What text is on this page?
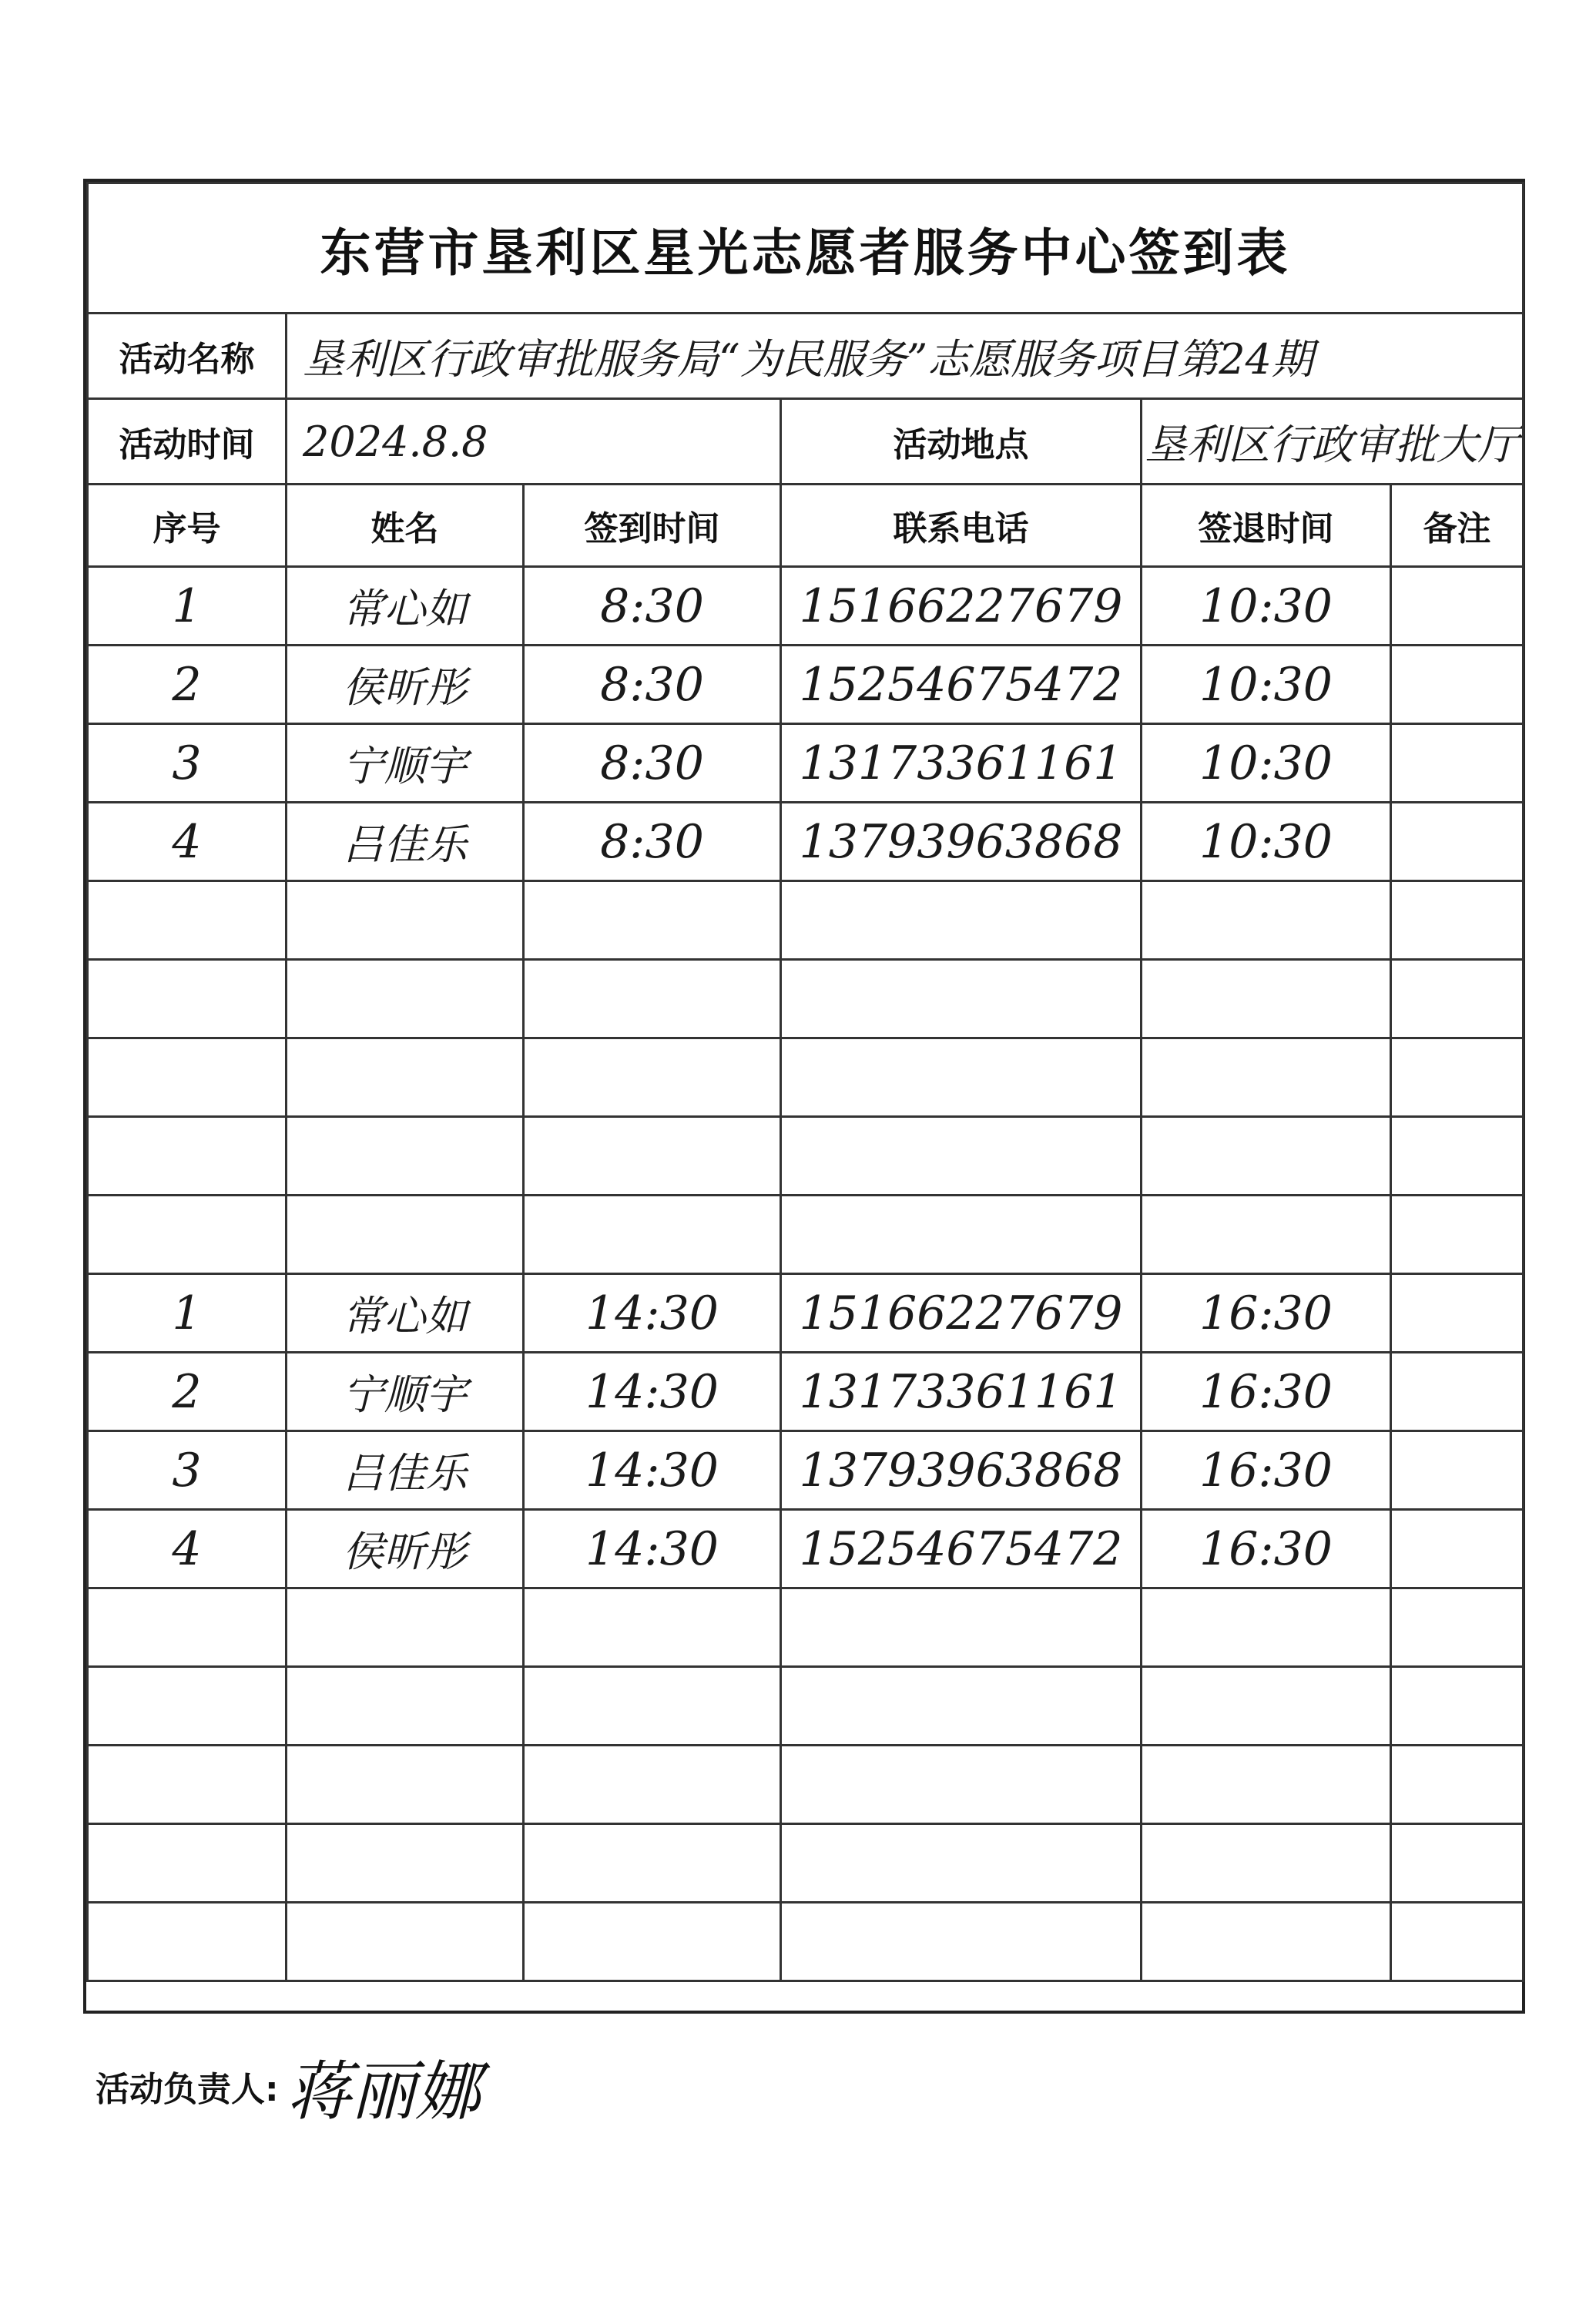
东营市垦利区星光志愿者服务中心签到表					
活动名称	垦利区行政审批服务局“为民服务”志愿服务项目第24期				
活动时间	2024.8.8		活动地点	垦利区行政审批大厅	
序号	姓名	签到时间	联系电话	签退时间	备注
1	常心如	8:30	15166227679	10:30	
2	侯昕彤	8:30	15254675472	10:30	
3	宁顺宇	8:30	13173361161	10:30	
4	吕佳乐	8:30	13793963868	10:30	

1	常心如	14:30	15166227679	16:30	
2	宁顺宇	14:30	13173361161	16:30	
3	吕佳乐	14:30	13793963868	16:30	
4	侯昕彤	14:30	15254675472	16:30	

活动负责人: 蒋丽娜
